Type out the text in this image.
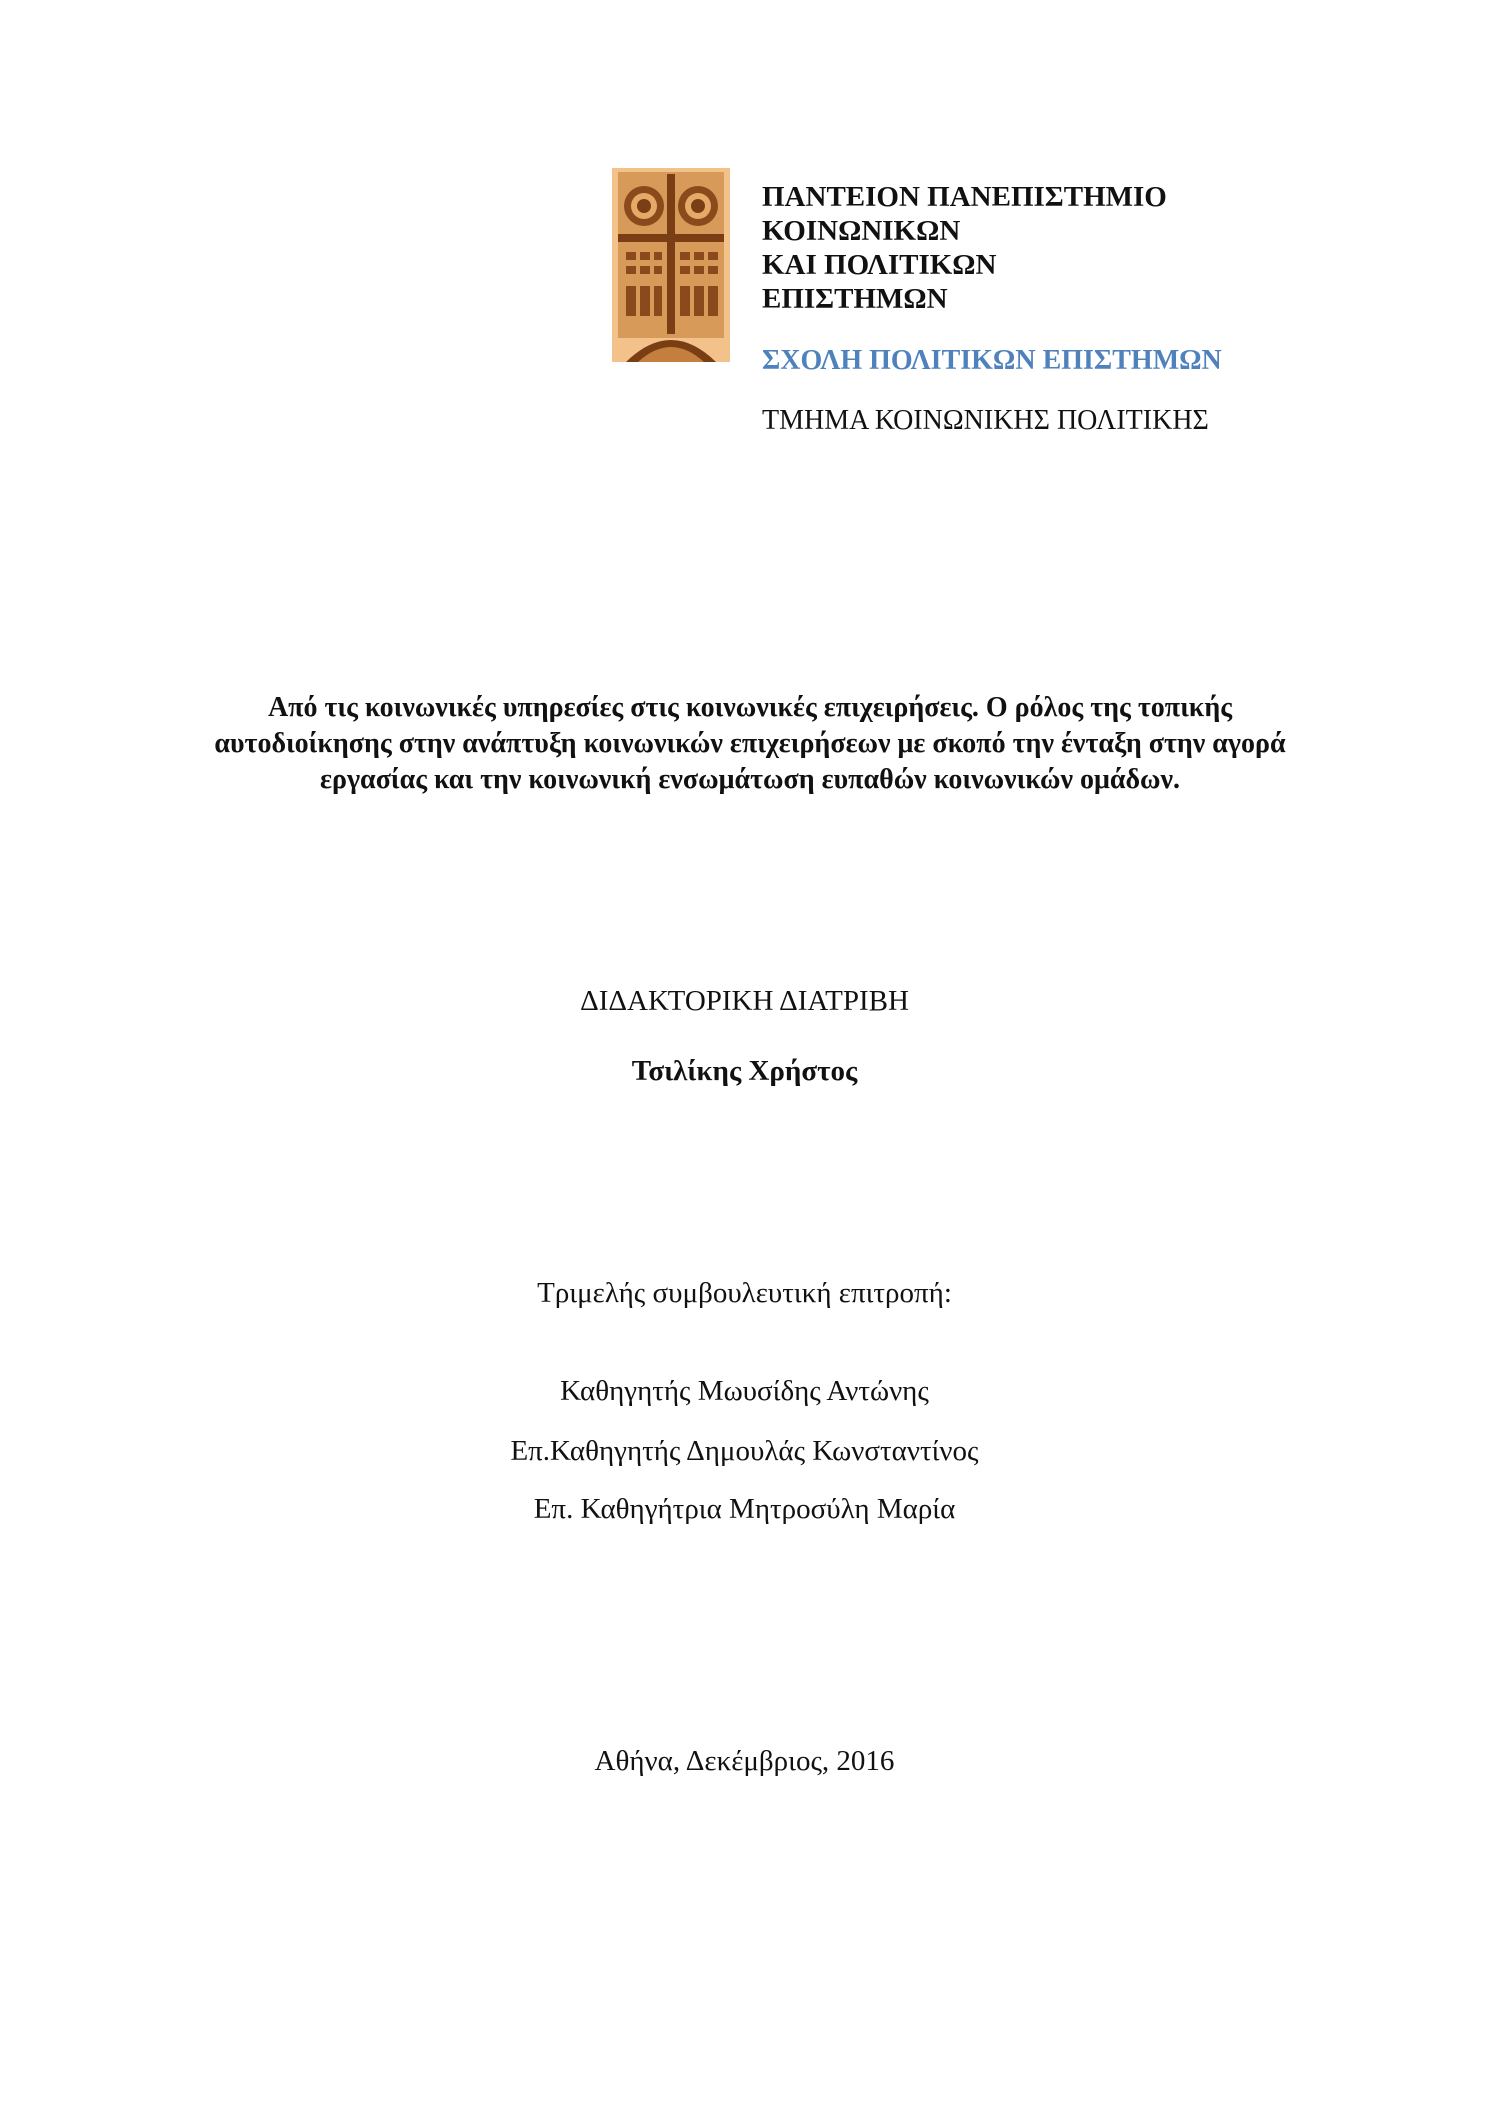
ΠΑΝΤΕΙΟΝ ΠΑΝΕΠΙΣΤΗΜΙΟ
ΚΟΙΝΩΝΙΚΩΝ
ΚΑΙ ΠΟΛΙΤΙΚΩΝ
ΕΠΙΣΤΗΜΩΝ

ΣΧΟΛΗ ΠΟΛΙΤΙΚΩΝ ΕΠΙΣΤΗΜΩΝ

ΤΜΗΜΑ ΚΟΙΝΩΝΙΚΗΣ ΠΟΛΙΤΙΚΗΣ

Από τις κοινωνικές υπηρεσίες στις κοινωνικές επιχειρήσεις. Ο ρόλος της τοπικής αυτοδιοίκησης στην ανάπτυξη κοινωνικών επιχειρήσεων με σκοπό την ένταξη στην αγορά εργασίας και την κοινωνική ενσωμάτωση ευπαθών κοινωνικών ομάδων.

ΔΙΔΑΚΤΟΡΙΚΗ ΔΙΑΤΡΙΒΗ

Τσιλίκης Χρήστος

Τριμελής συμβουλευτική επιτροπή:

Καθηγητής Μωυσίδης Αντώνης

Επ.Καθηγητής Δημουλάς Κωνσταντίνος

Επ. Καθηγήτρια Μητροσύλη Μαρία

Αθήνα, Δεκέμβριος, 2016
